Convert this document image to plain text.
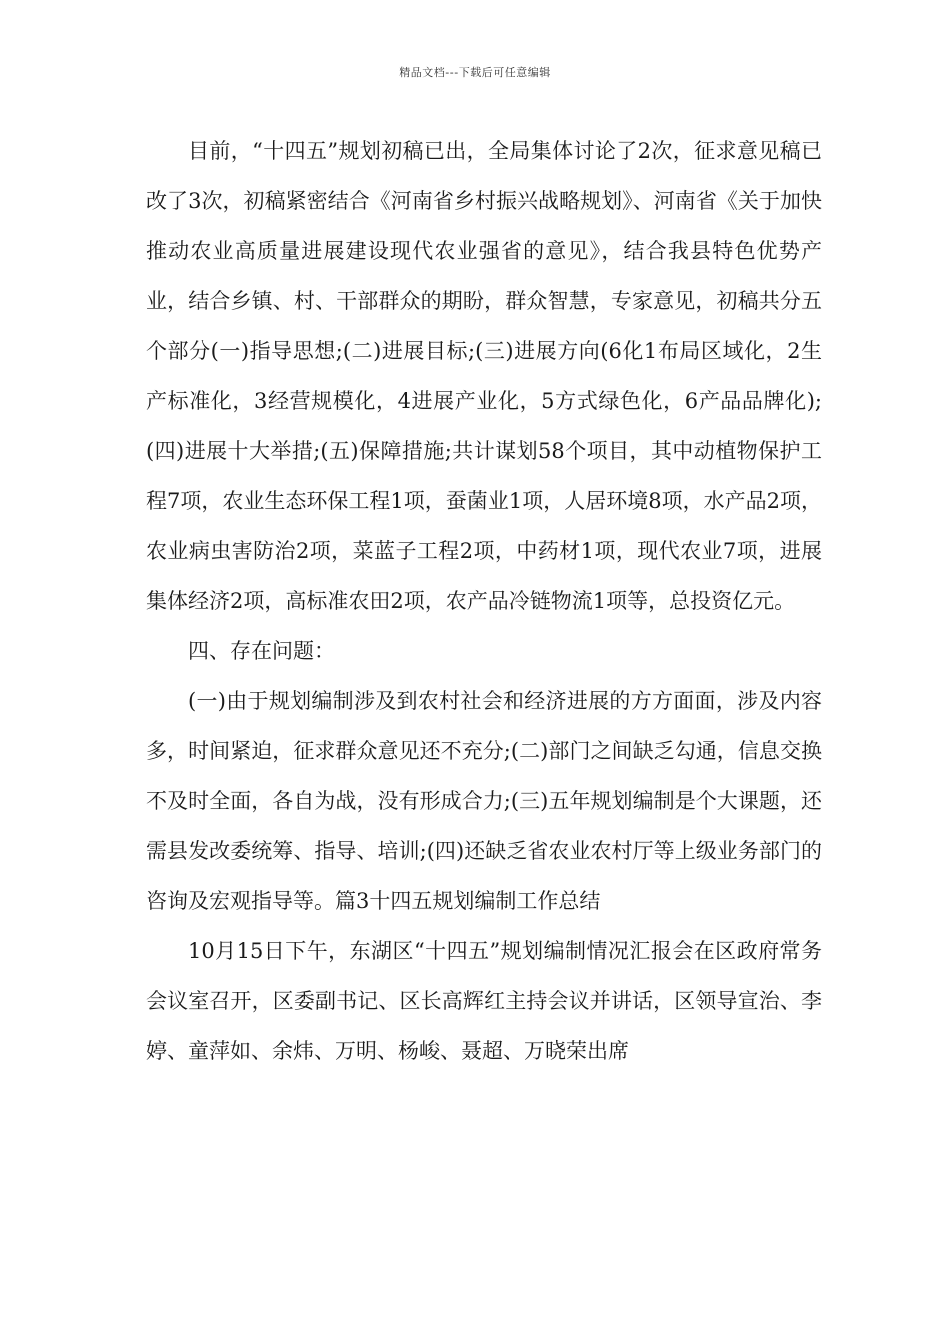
精品文档---下载后可任意编辑

目前，“十四五”规划初稿已出，全局集体讨论了2次，征求意见稿已改了3次，初稿紧密结合《河南省乡村振兴战略规划》、河南省《关于加快推动农业高质量进展建设现代农业强省的意见》，结合我县特色优势产业，结合乡镇、村、干部群众的期盼，群众智慧，专家意见，初稿共分五个部分(一)指导思想;(二)进展目标;(三)进展方向(6化1布局区域化，2生产标准化，3经营规模化，4进展产业化，5方式绿色化，6产品品牌化);(四)进展十大举措;(五)保障措施;共计谋划58个项目，其中动植物保护工程7项，农业生态环保工程1项，蚕菌业1项，人居环境8项，水产品2项，农业病虫害防治2项，菜蓝子工程2项，中药材1项，现代农业7项，进展集体经济2项，高标准农田2项，农产品冷链物流1项等，总投资亿元。

四、存在问题：

(一)由于规划编制涉及到农村社会和经济进展的方方面面，涉及内容多，时间紧迫，征求群众意见还不充分;(二)部门之间缺乏勾通，信息交换不及时全面，各自为战，没有形成合力;(三)五年规划编制是个大课题，还需县发改委统筹、指导、培训;(四)还缺乏省农业农村厅等上级业务部门的咨询及宏观指导等。篇3十四五规划编制工作总结

10月15日下午，东湖区“十四五”规划编制情况汇报会在区政府常务会议室召开，区委副书记、区长高辉红主持会议并讲话，区领导宣治、李婷、童萍如、余炜、万明、杨峻、聂超、万晓荣出席
